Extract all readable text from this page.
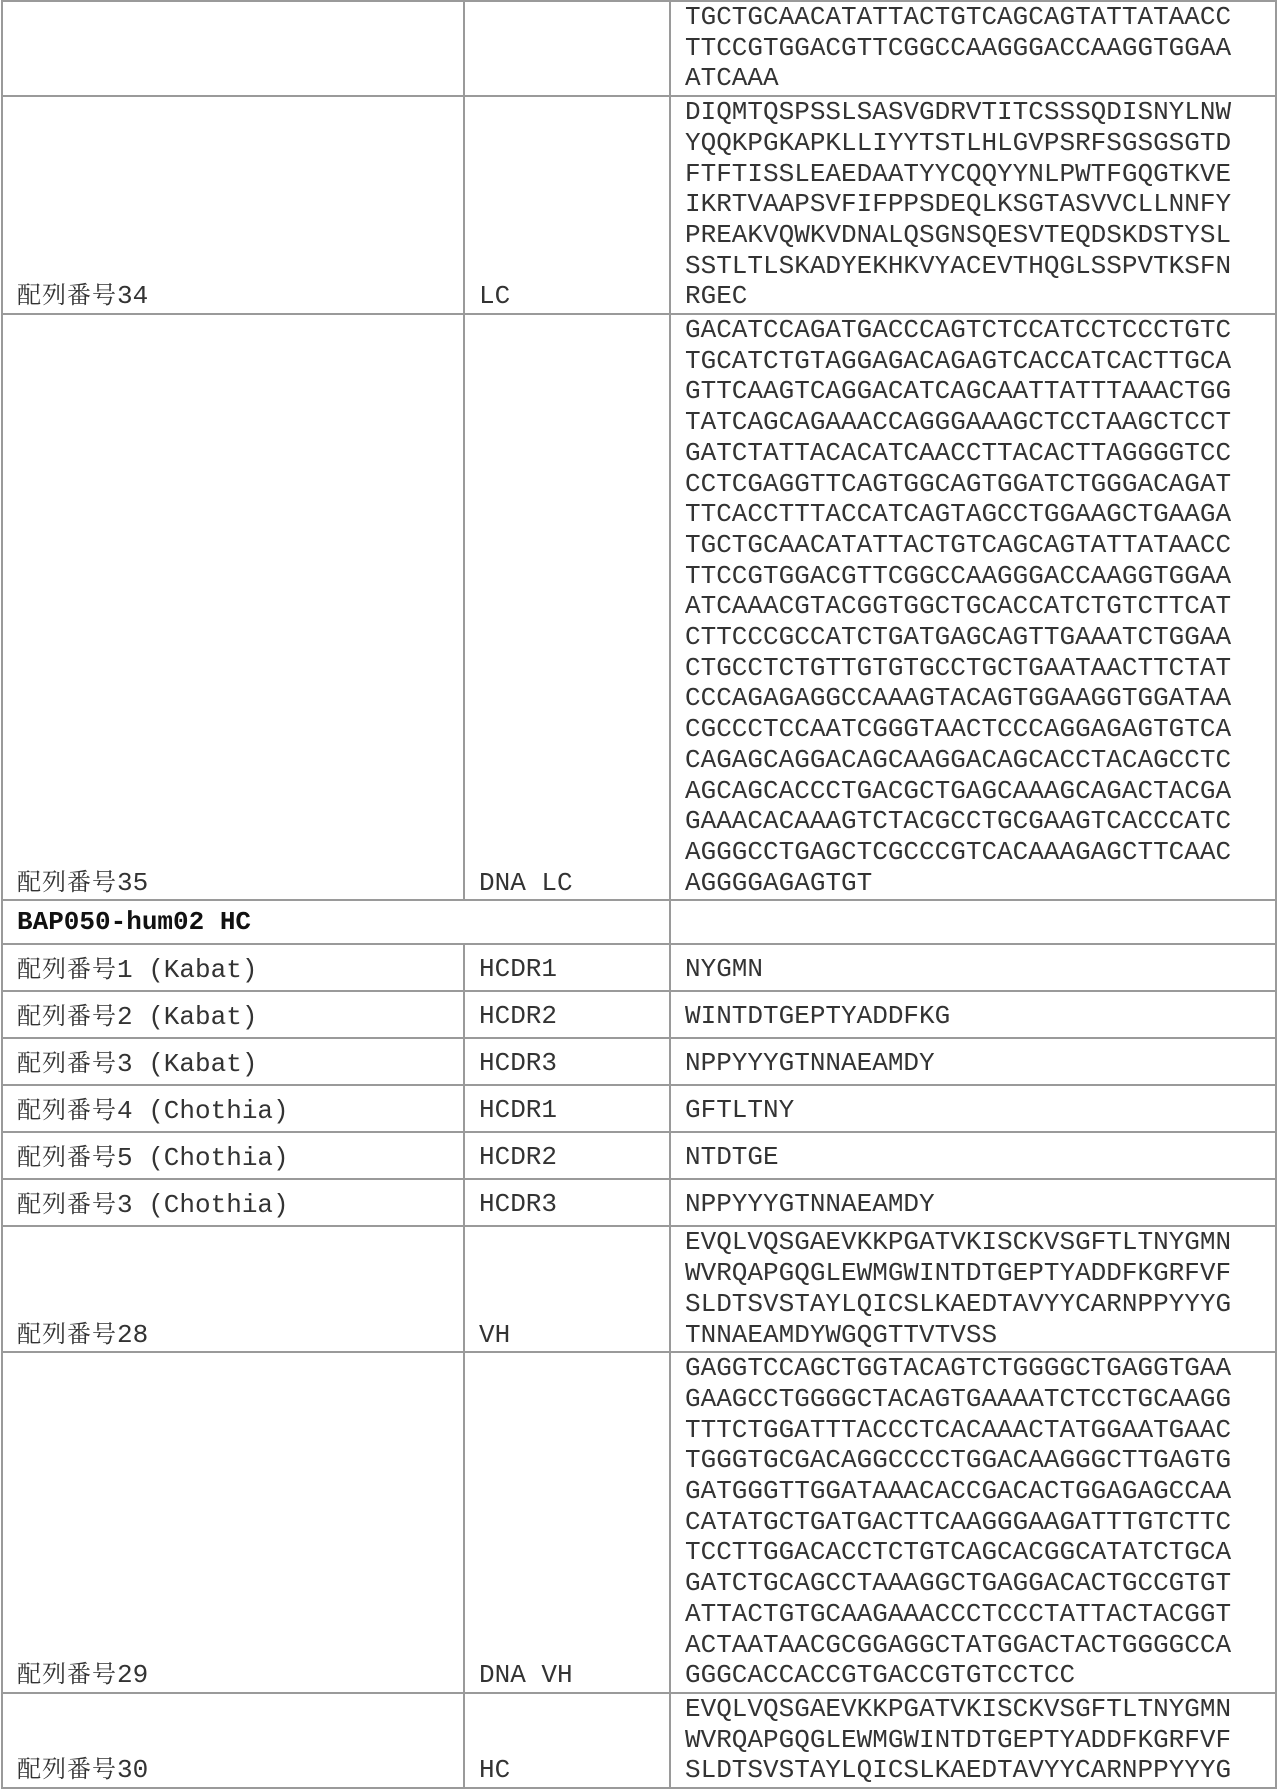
		TGCTGCAACATATTACTGTCAGCAGTATTATAACC
TTCCGTGGACGTTCGGCCAAGGGACCAAGGTGGAA
ATCAAA

配列番号34	LC	
DIQMTQSPSSLSASVGDRVTITCSSSQDISNYLNW
YQQKPGKAPKLLIYYTSTLHLGVPSRFSGSGSGTD
FTFTISSLEAEDAATYYCQQYYNLPWTFGQGTKVE
IKRTVAAPSVFIFPPSDEQLKSGTASVVCLLNNFY
PREAKVQWKVDNALQSGNSQESVTEQDSKDSTYSL
SSTLTLSKADYEKHKVYACEVTHQGLSSPVTKSFN
RGEC

配列番号35	DNA LC	
GACATCCAGATGACCCAGTCTCCATCCTCCCTGTC
TGCATCTGTAGGAGACAGAGTCACCATCACTTGCA
GTTCAAGTCAGGACATCAGCAATTATTTAAACTGG
TATCAGCAGAAACCAGGGAAAGCTCCTAAGCTCCT
GATCTATTACACATCAACCTTACACTTAGGGGTCC
CCTCGAGGTTCAGTGGCAGTGGATCTGGGACAGAT
TTCACCTTTACCATCAGTAGCCTGGAAGCTGAAGA
TGCTGCAACATATTACTGTCAGCAGTATTATAACC
TTCCGTGGACGTTCGGCCAAGGGACCAAGGTGGAA
ATCAAACGTACGGTGGCTGCACCATCTGTCTTCAT
CTTCCCGCCATCTGATGAGCAGTTGAAATCTGGAA
CTGCCTCTGTTGTGTGCCTGCTGAATAACTTCTAT
CCCAGAGAGGCCAAAGTACAGTGGAAGGTGGATAA
CGCCCTCCAATCGGGTAACTCCCAGGAGAGTGTCA
CAGAGCAGGACAGCAAGGACAGCACCTACAGCCTC
AGCAGCACCCTGACGCTGAGCAAAGCAGACTACGA
GAAACACAAAGTCTACGCCTGCGAAGTCACCCATC
AGGGCCTGAGCTCGCCCGTCACAAAGAGCTTCAAC
AGGGGAGAGTGT

BAP050-hum02 HC		
配列番号1 (Kabat)	HCDR1	NYGMN
配列番号2 (Kabat)	HCDR2	WINTDTGEPTYADDFKG
配列番号3 (Kabat)	HCDR3	NPPYYYGTNNAEAMDY
配列番号4 (Chothia)	HCDR1	GFTLTNY
配列番号5 (Chothia)	HCDR2	NTDTGE
配列番号3 (Chothia)	HCDR3	NPPYYYGTNNAEAMDY
配列番号28	VH	EVQLVQSGAEVKKPGATVKISCKVSGFTLTNYGMN
WVRQAPGQGLEWMGWINTDTGEPTYADDFKGRFVF
SLDTSVSTAYLQICSLKAEDTAVYYCARNPPYYYG
TNNAEAMDYWGQGTTVTVSS

配列番号29	DNA VH	
GAGGTCCAGCTGGTACAGTCTGGGGCTGAGGTGAA
GAAGCCTGGGGCTACAGTGAAAATCTCCTGCAAGG
TTTCTGGATTTACCCTCACAAACTATGGAATGAAC
TGGGTGCGACAGGCCCCTGGACAAGGGCTTGAGTG
GATGGGTTGGATAAACACCGACACTGGAGAGCCAA
CATATGCTGATGACTTCAAGGGAAGATTTGTCTTC
TCCTTGGACACCTCTGTCAGCACGGCATATCTGCA
GATCTGCAGCCTAAAGGCTGAGGACACTGCCGTGT
ATTACTGTGCAAGAAACCCTCCCTATTACTACGGT
ACTAATAACGCGGAGGCTATGGACTACTGGGGCCA
GGGCACCACCGTGACCGTGTCCTCC

配列番号30	HC	EVQLVQSGAEVKKPGATVKISCKVSGFTLTNYGMN
WVRQAPGQGLEWMGWINTDTGEPTYADDFKGRFVF
SLDTSVSTAYLQICSLKAEDTAVYYCARNPPYYYG
